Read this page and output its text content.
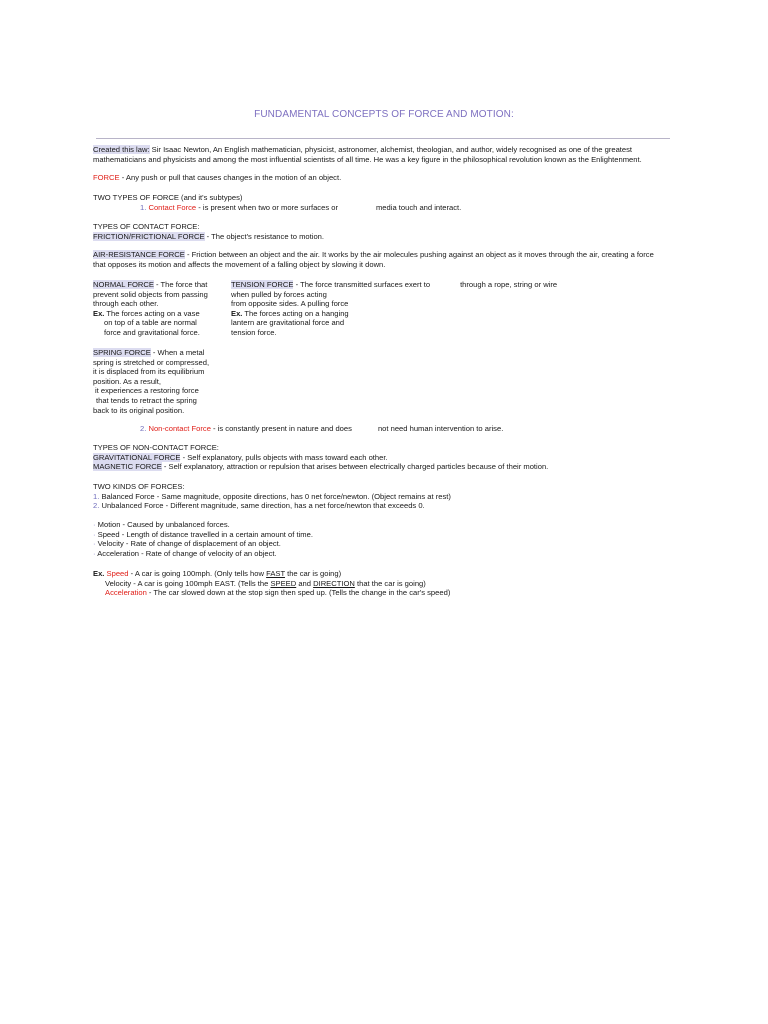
FUNDAMENTAL CONCEPTS OF FORCE AND MOTION:
Created this law: Sir Isaac Newton, An English mathematician, physicist, astronomer, alchemist, theologian, and author, widely recognised as one of the greatest
mathematicians and physicists and among the most influential scientists of all time. He was a key figure in the philosophical revolution known as the Enlightenment.
FORCE - Any push or pull that causes changes in the motion of an object.
TWO TYPES OF FORCE (and it's subtypes)
1. Contact Force - is present when two or more surfaces or	media touch and interact.
TYPES OF CONTACT FORCE:
FRICTION/FRICTIONAL FORCE - The object's resistance to motion.
AIR-RESISTANCE FORCE - Friction between an object and the air. It works by the air molecules pushing against an object as it moves through the air, creating a force
that opposes its motion and affects the movement of a falling object by slowing it down.
NORMAL FORCE - The force that
prevent solid objects from passing
through each other.
Ex. The forces acting on a vase
on top of a table are normal
force and gravitational force.
TENSION FORCE - The force transmitted surfaces exert to	through a rope, string or wire
when pulled by forces acting
from opposite sides. A pulling force
Ex. The forces acting on a hanging
lantern are gravitational force and
tension force.
SPRING FORCE - When a metal
spring is stretched or compressed,
it is displaced from its equilibrium
position. As a result,
it experiences a restoring force
that tends to retract the spring
back to its original position.
2. Non-contact Force - is constantly present in nature and does	not need human intervention to arise.
TYPES OF NON-CONTACT FORCE:
GRAVITATIONAL FORCE - Self explanatory, pulls objects with mass toward each other.
MAGNETIC FORCE - Self explanatory, attraction or repulsion that arises between electrically charged particles because of their motion.
TWO KINDS OF FORCES:
1. Balanced Force - Same magnitude, opposite directions, has 0 net force/newton. (Object remains at rest)
2. Unbalanced Force - Different magnitude, same direction, has a net force/newton that exceeds 0.
· Motion - Caused by unbalanced forces.
· Speed - Length of distance travelled in a certain amount of time.
· Velocity - Rate of change of displacement of an object.
· Acceleration - Rate of change of velocity of an object.
Ex. Speed - A car is going 100mph. (Only tells how FAST the car is going)
Velocity - A car is going 100mph EAST. (Tells the SPEED and DIRECTION that the car is going)
Acceleration - The car slowed down at the stop sign then sped up. (Tells the change in the car's speed)
